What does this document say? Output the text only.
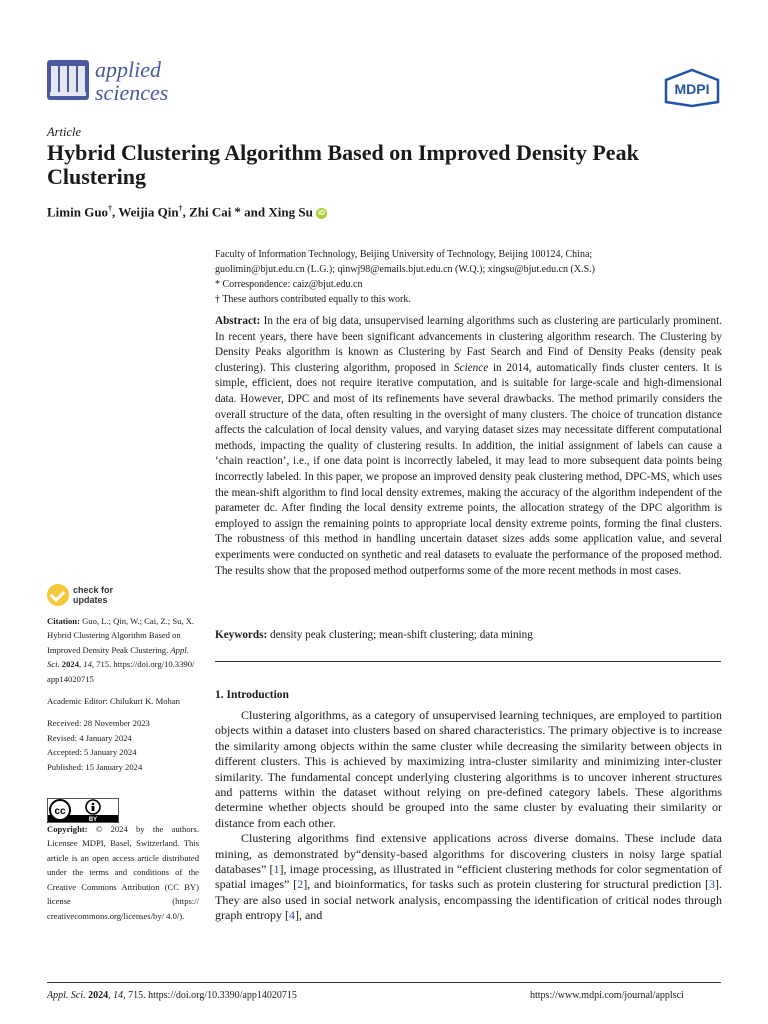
applied
sciences	MDPI
Article
Hybrid Clustering Algorithm Based on Improved Density Peak Clustering
Limin Guo†, Weijia Qin†, Zhi Cai * and Xing Su iD
Faculty of Information Technology, Beijing University of Technology, Beijing 100124, China;
guolimin@bjut.edu.cn (L.G.); qinwj98@emails.bjut.edu.cn (W.Q.); xingsu@bjut.edu.cn (X.S.)
* Correspondence: caiz@bjut.edu.cn
† These authors contributed equally to this work.
Abstract: In the era of big data, unsupervised learning algorithms such as clustering are particularly prominent. In recent years, there have been significant advancements in clustering algorithm research. The Clustering by Density Peaks algorithm is known as Clustering by Fast Search and Find of Density Peaks (density peak clustering). This clustering algorithm, proposed in Science in 2014, automatically finds cluster centers. It is simple, efficient, does not require iterative computation, and is suitable for large-scale and high-dimensional data. However, DPC and most of its refinements have several drawbacks. The method primarily considers the overall structure of the data, often resulting in the oversight of many clusters. The choice of truncation distance affects the calculation of local density values, and varying dataset sizes may necessitate different computational methods, impacting the quality of clustering results. In addition, the initial assignment of labels can cause a ‘chain reaction’, i.e., if one data point is incorrectly labeled, it may lead to more subsequent data points being incorrectly labeled. In this paper, we propose an improved density peak clustering method, DPC-MS, which uses the mean-shift algorithm to find local density extremes, making the accuracy of the algorithm independent of the parameter dc. After finding the local density extreme points, the allocation strategy of the DPC algorithm is employed to assign the remaining points to appropriate local density extreme points, forming the final clusters. The robustness of this method in handling uncertain dataset sizes adds some application value, and several experiments were conducted on synthetic and real datasets to evaluate the performance of the proposed method. The results show that the proposed method outperforms some of the more recent methods in most cases.
Keywords: density peak clustering; mean-shift clustering; data mining
1. Introduction

Clustering algorithms, as a category of unsupervised learning techniques, are employed to partition objects within a dataset into clusters based on shared characteristics. The primary objective is to increase the similarity among objects within the same cluster while decreasing the similarity between objects in different clusters. This is achieved by maximizing intra-cluster similarity and minimizing inter-cluster similarity. The fundamental concept underlying clustering algorithms is to uncover inherent structures and patterns within the dataset without relying on pre-defined category labels. These algorithms determine whether objects should be grouped into the same cluster by evaluating their similarity or distance from each other.

Clustering algorithms find extensive applications across diverse domains. These include data mining, as demonstrated by“density-based algorithms for discovering clusters in noisy large spatial databases” [1], image processing, as illustrated in “efficient clustering methods for color segmentation of spatial images” [2], and bioinformatics, for tasks such as protein clustering for structural prediction [3]. They are also used in social network analysis, encompassing the identification of critical nodes through graph entropy [4], and

check for
updates
Citation: Guo, L.; Qin, W.; Cai, Z.; Su, X. Hybrid Clustering Algorithm Based on Improved Density Peak Clustering. Appl. Sci. 2024, 14, 715. https://doi.org/10.3390/ app14020715
Academic Editor: Chilukuri K. Mohan
Received: 28 November 2023
Revised: 4 January 2024
Accepted: 5 January 2024
Published: 15 January 2024
Copyright: © 2024 by the authors. Licensee MDPI, Basel, Switzerland. This article is an open access article distributed under the terms and conditions of the Creative Commons Attribution (CC BY) license (https:// creativecommons.org/licenses/by/ 4.0/).
cc
BY
Appl. Sci. 2024, 14, 715. https://doi.org/10.3390/app14020715	https://www.mdpi.com/journal/applsci
